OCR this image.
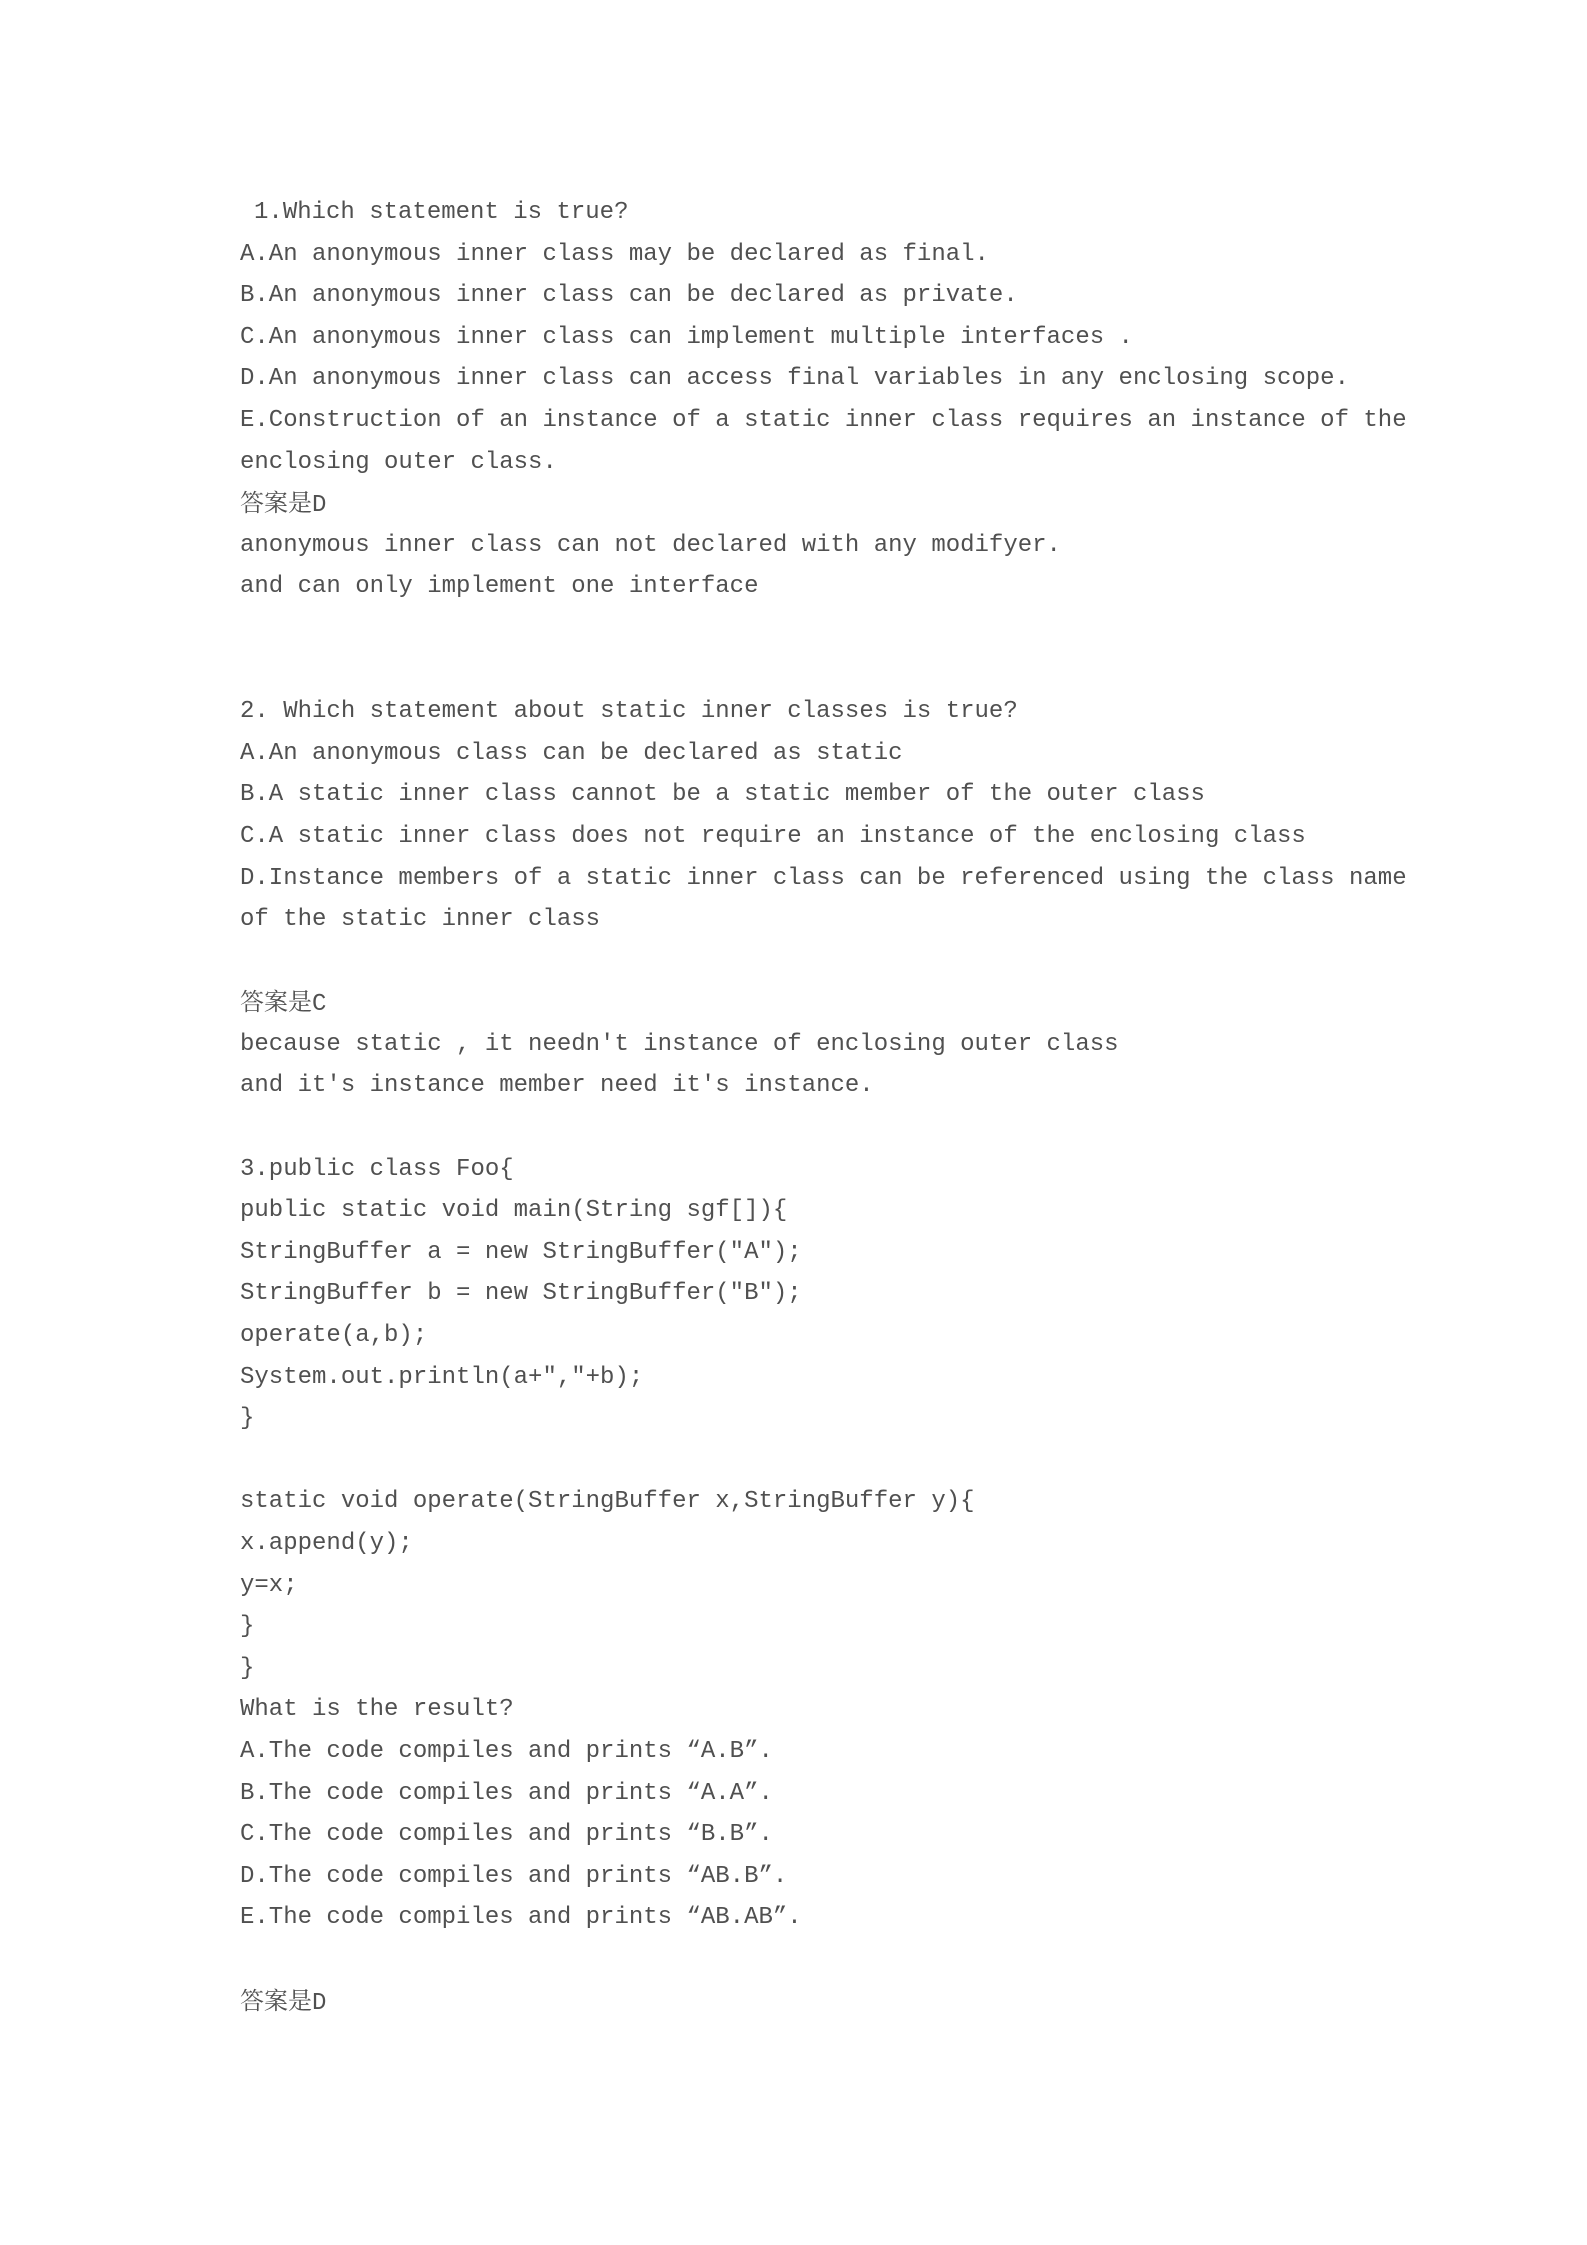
1.Which statement is true?
A.An anonymous inner class may be declared as final.
B.An anonymous inner class can be declared as private.
C.An anonymous inner class can implement multiple interfaces .
D.An anonymous inner class can access final variables in any enclosing scope.
E.Construction of an instance of a static inner class requires an instance of the
enclosing outer class.
答案是D
anonymous inner class can not declared with any modifyer.
and can only implement one interface
2. Which statement about static inner classes is true?
A.An anonymous class can be declared as static
B.A static inner class cannot be a static member of the outer class
C.A static inner class does not require an instance of the enclosing class
D.Instance members of a static inner class can be referenced using the class name
of the static inner class
答案是C
because static , it needn't instance of enclosing outer class
and it's instance member need it's instance.
3.public class Foo{
public static void main(String sgf[]){
StringBuffer a = new StringBuffer("A");
StringBuffer b = new StringBuffer("B");
operate(a,b);
System.out.println(a+","+b);
}
static void operate(StringBuffer x,StringBuffer y){
x.append(y);
y=x;
}
}
What is the result?
A.The code compiles and prints “A.B”.
B.The code compiles and prints “A.A”.
C.The code compiles and prints “B.B”.
D.The code compiles and prints “AB.B”.
E.The code compiles and prints “AB.AB”.
答案是D
